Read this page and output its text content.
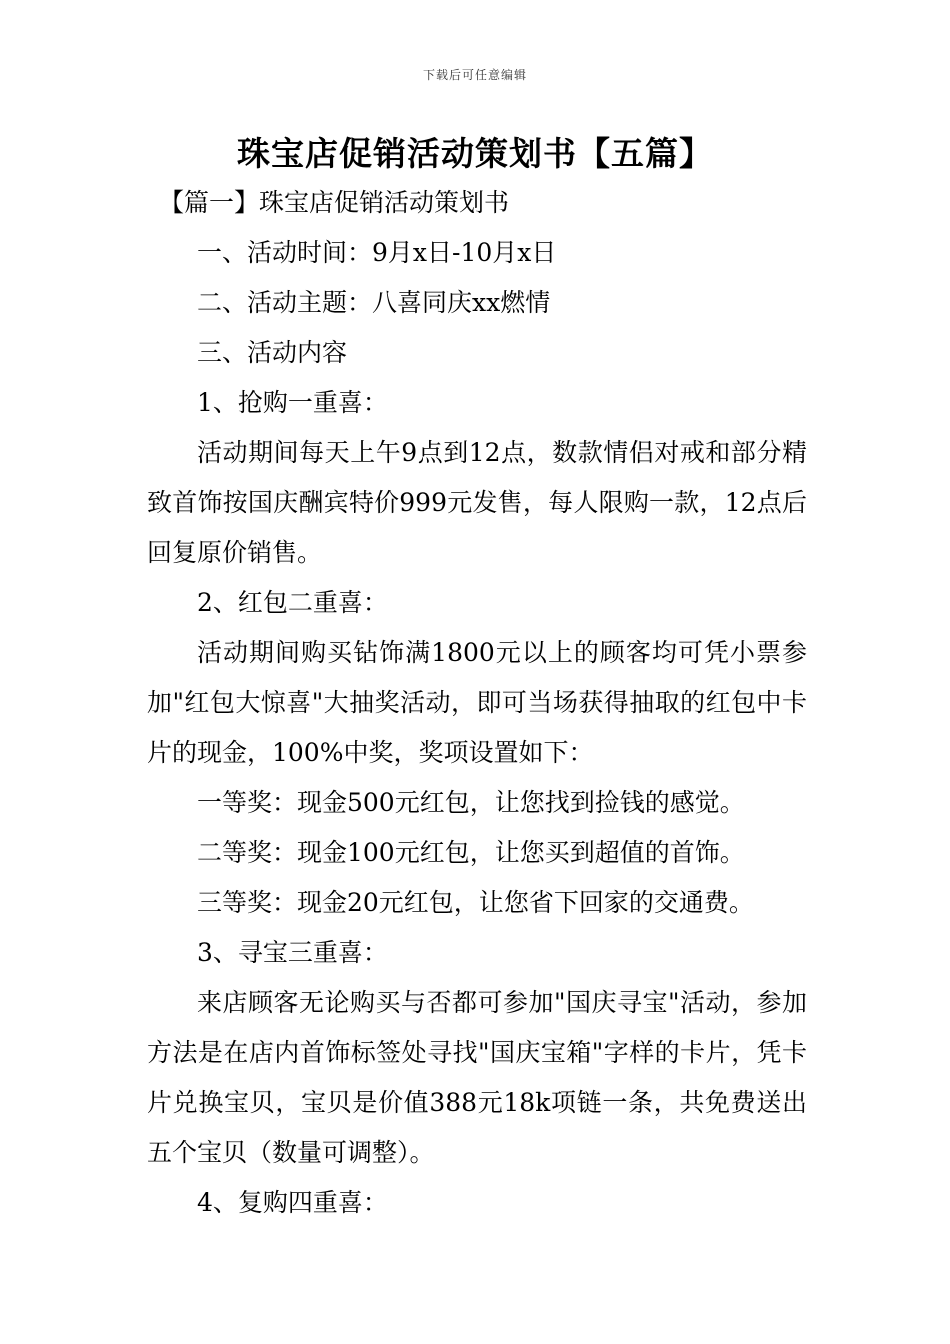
下载后可任意编辑
珠宝店促销活动策划书【五篇】

【篇一】珠宝店促销活动策划书

一、活动时间：9月x日-10月x日

二、活动主题：八喜同庆xx燃情

三、活动内容

1、抢购一重喜：

活动期间每天上午9点到12点，数款情侣对戒和部分精致首饰按国庆酬宾特价999元发售，每人限购一款，12点后回复原价销售。

2、红包二重喜：

活动期间购买钻饰满1800元以上的顾客均可凭小票参加"红包大惊喜"大抽奖活动，即可当场获得抽取的红包中卡片的现金，100%中奖，奖项设置如下：

一等奖：现金500元红包，让您找到捡钱的感觉。

二等奖：现金100元红包，让您买到超值的首饰。

三等奖：现金20元红包，让您省下回家的交通费。

3、寻宝三重喜：

来店顾客无论购买与否都可参加"国庆寻宝"活动，参加方法是在店内首饰标签处寻找"国庆宝箱"字样的卡片，凭卡片兑换宝贝，宝贝是价值388元18k项链一条，共免费送出五个宝贝（数量可调整）。

4、复购四重喜：
